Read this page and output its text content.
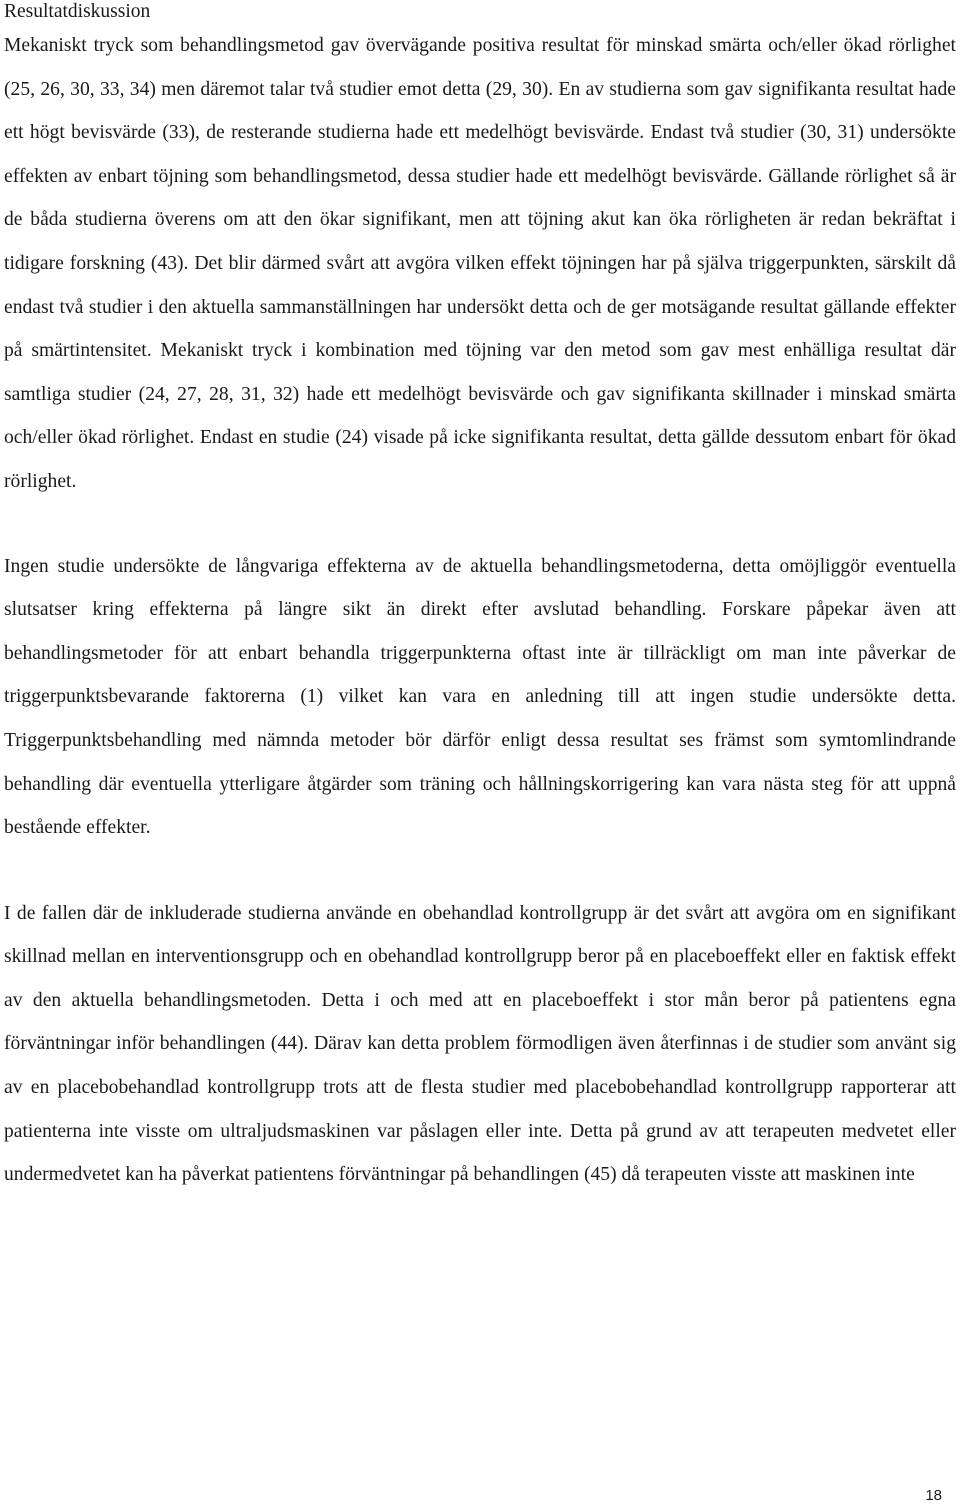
Resultatdiskussion

Mekaniskt tryck som behandlingsmetod gav övervägande positiva resultat för minskad smärta och/eller ökad rörlighet (25, 26, 30, 33, 34) men däremot talar två studier emot detta (29, 30). En av studierna som gav signifikanta resultat hade ett högt bevisvärde (33), de resterande studierna hade ett medelhögt bevisvärde. Endast två studier (30, 31) undersökte effekten av enbart töjning som behandlingsmetod, dessa studier hade ett medelhögt bevisvärde. Gällande rörlighet så är de båda studierna överens om att den ökar signifikant, men att töjning akut kan öka rörligheten är redan bekräftat i tidigare forskning (43). Det blir därmed svårt att avgöra vilken effekt töjningen har på själva triggerpunkten, särskilt då endast två studier i den aktuella sammanställningen har undersökt detta och de ger motsägande resultat gällande effekter på smärtintensitet. Mekaniskt tryck i kombination med töjning var den metod som gav mest enhälliga resultat där samtliga studier (24, 27, 28, 31, 32) hade ett medelhögt bevisvärde och gav signifikanta skillnader i minskad smärta och/eller ökad rörlighet. Endast en studie (24) visade på icke signifikanta resultat, detta gällde dessutom enbart för ökad rörlighet.

Ingen studie undersökte de långvariga effekterna av de aktuella behandlingsmetoderna, detta omöjliggör eventuella slutsatser kring effekterna på längre sikt än direkt efter avslutad behandling. Forskare påpekar även att behandlingsmetoder för att enbart behandla triggerpunkterna oftast inte är tillräckligt om man inte påverkar de triggerpunktsbevarande faktorerna (1) vilket kan vara en anledning till att ingen studie undersökte detta. Triggerpunktsbehandling med nämnda metoder bör därför enligt dessa resultat ses främst som symtomlindrande behandling där eventuella ytterligare åtgärder som träning och hållningskorrigering kan vara nästa steg för att uppnå bestående effekter.

I de fallen där de inkluderade studierna använde en obehandlad kontrollgrupp är det svårt att avgöra om en signifikant skillnad mellan en interventionsgrupp och en obehandlad kontrollgrupp beror på en placeboeffekt eller en faktisk effekt av den aktuella behandlingsmetoden. Detta i och med att en placeboeffekt i stor mån beror på patientens egna förväntningar inför behandlingen (44). Därav kan detta problem förmodligen även återfinnas i de studier som använt sig av en placebobehandlad kontrollgrupp trots att de flesta studier med placebobehandlad kontrollgrupp rapporterar att patienterna inte visste om ultraljudsmaskinen var påslagen eller inte. Detta på grund av att terapeuten medvetet eller undermedvetet kan ha påverkat patientens förväntningar på behandlingen (45) då terapeuten visste att maskinen inte

18
